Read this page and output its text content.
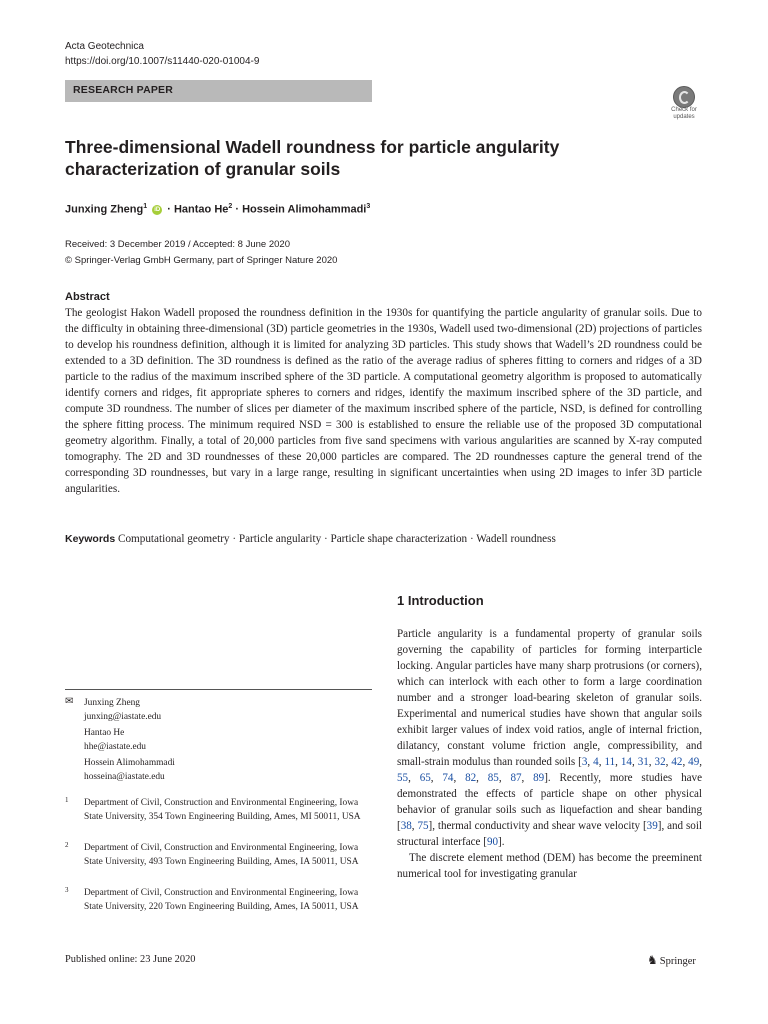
Acta Geotechnica
https://doi.org/10.1007/s11440-020-01004-9
RESEARCH PAPER
Check for updates
Three-dimensional Wadell roundness for particle angularity characterization of granular soils
Junxing Zheng$^1$ iD · Hantao $He^2$ · Hossein Alimohammadi$^3$
Received: 3 December 2019 / Accepted: 8 June 2020
© Springer-Verlag GmbH Germany, part of Springer Nature 2020
Abstract
The geologist Hakon Wadell proposed the roundness definition in the 1930s for quantifying the particle angularity of granular soils. Due to the difficulty in obtaining three-dimensional (3D) particle geometries in the 1930s, Wadell used two-dimensional (2D) projections of particles to develop his roundness definition, although it is limited for analyzing 3D particles. This study shows that Wadell’s 2D roundness could be extended to a 3D definition. The 3D roundness is defined as the ratio of the average radius of spheres fitting to corners and ridges of a 3D particle to the radius of the maximum inscribed sphere of the 3D particle. A computational geometry algorithm is proposed to automatically identify corners and ridges, fit appropriate spheres to corners and ridges, identify the maximum inscribed sphere of the 3D particle, and compute 3D roundness. The number of slices per diameter of the maximum inscribed sphere of the particle, NSD, is defined for controlling the sphere fitting process. The minimum required NSD = 300 is established to ensure the reliable use of the proposed 3D computational geometry algorithm. Finally, a total of 20,000 particles from five sand specimens with various angularities are scanned by X-ray computed tomography. The 2D and 3D roundnesses of these 20,000 particles are compared. The 2D roundnesses capture the general trend of the corresponding 3D roundnesses, but vary in a large range, resulting in significant uncertainties when using 2D images to infer 3D particle angularities.
Keywords Computational geometry · Particle angularity · Particle shape characterization · Wadell roundness
1 Introduction

Particle angularity is a fundamental property of granular soils governing the capability of particles for forming interparticle locking. Angular particles have many sharp protrusions (or corners), which can interlock with each other to form a large coordination number and a stronger load-bearing skeleton of granular soils. Experimental and numerical studies have shown that angular soils exhibit larger values of index void ratios, angle of internal friction, dilatancy, constant volume friction angle, compressibility, and small-strain modulus than rounded soils [3, 4, 11, 14, 31, 32, 42, 49, 55, 65, 74, 82, 85, 87, 89]. Recently, more studies have demonstrated the effects of particle shape on other physical behavior of granular soils such as liquefaction and shear banding [38, 75], thermal conductivity and shear wave velocity [39], and soil structural interface [90].

The discrete element method (DEM) has become the preeminent numerical tool for investigating granular

✉ Junxing Zheng
junxing@iastate.edu
Hantao He
hhe@iastate.edu
Hossein Alimohammadi
hosseina@iastate.edu
1 Department of Civil, Construction and Environmental Engineering, Iowa State University, 354 Town Engineering Building, Ames, MI 50011, USA
2 Department of Civil, Construction and Environmental Engineering, Iowa State University, 493 Town Engineering Building, Ames, IA 50011, USA
3 Department of Civil, Construction and Environmental Engineering, Iowa State University, 220 Town Engineering Building, Ames, IA 50011, USA
Published online: 23 June 2020	♞ Springer
